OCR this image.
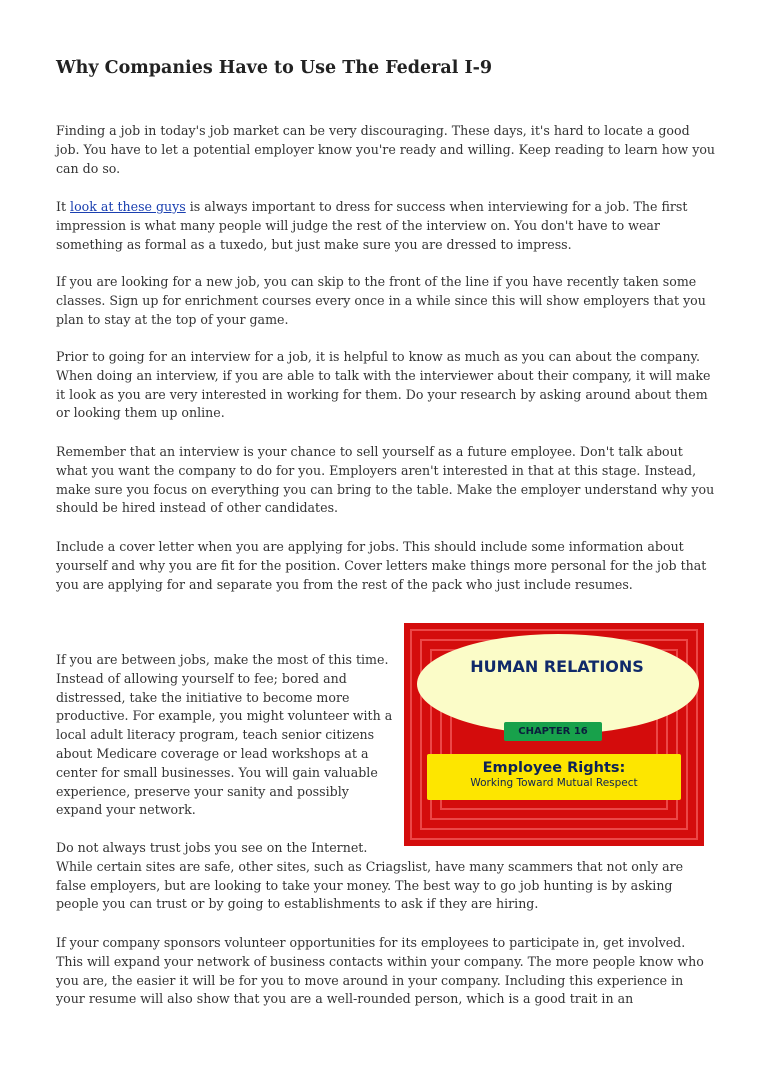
Why Companies Have to Use The Federal I-9

Finding a job in today's job market can be very discouraging. These days, it's hard to locate a good job. You have to let a potential employer know you're ready and willing. Keep reading to learn how you can do so.

It look at these guys is always important to dress for success when interviewing for a job. The first impression is what many people will judge the rest of the interview on. You don't have to wear something as formal as a tuxedo, but just make sure you are dressed to impress.

If you are looking for a new job, you can skip to the front of the line if you have recently taken some classes. Sign up for enrichment courses every once in a while since this will show employers that you plan to stay at the top of your game.

Prior to going for an interview for a job, it is helpful to know as much as you can about the company. When doing an interview, if you are able to talk with the interviewer about their company, it will make it look as you are very interested in working for them. Do your research by asking around about them or looking them up online.

Remember that an interview is your chance to sell yourself as a future employee. Don't talk about what you want the company to do for you. Employers aren't interested in that at this stage. Instead, make sure you focus on everything you can bring to the table. Make the employer understand why you should be hired instead of other candidates.

Include a cover letter when you are applying for jobs. This should include some information about yourself and why you are fit for the position. Cover letters make things more personal for the job that you are applying for and separate you from the rest of the pack who just include resumes.

If you are between jobs, make the most of this time. Instead of allowing yourself to fee; bored and distressed, take the initiative to become more productive. For example, you might volunteer with a local adult literacy program, teach senior citizens about Medicare coverage or lead workshops at a center for small businesses. You will gain valuable experience, preserve your sanity and possibly expand your network.

Do not always trust jobs you see on the Internet.
While certain sites are safe, other sites, such as Criagslist, have many scammers that not only are false employers, but are looking to take your money. The best way to go job hunting is by asking people you can trust or by going to establishments to ask if they are hiring.

If your company sponsors volunteer opportunities for its employees to participate in, get involved. This will expand your network of business contacts within your company. The more people know who you are, the easier it will be for you to move around in your company. Including this experience in your resume will also show that you are a well-rounded person, which is a good trait in an

HUMAN RELATIONS
CHAPTER 16
Employee Rights:
Working Toward Mutual Respect
